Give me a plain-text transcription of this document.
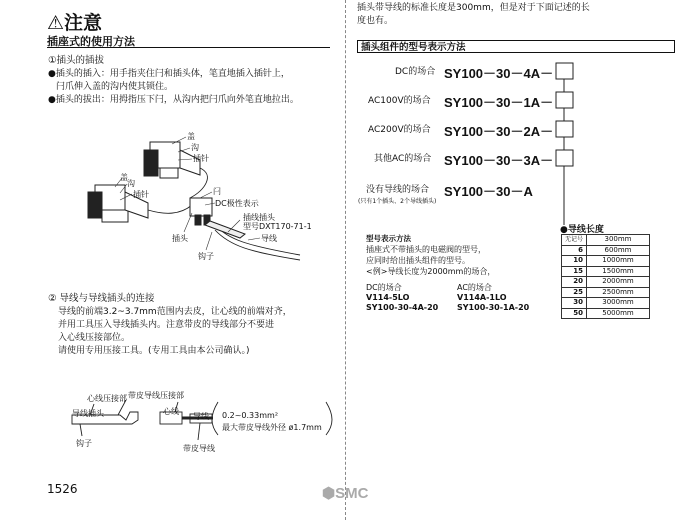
⚠注意
插座式的使用方法
①插头的插拔
●插头的插入：用手指夹住闩和插头体，笔直地插入插针上，
闩爪伸入盖的沟内使其锁住。
●插头的拔出：用拇指压下闩，从沟内把闩爪向外笔直地拉出。
盖
沟
插针
盖
沟
插针	闩
DC极性表示
插线插头
型号DXT170-71-1
插头	导线
钩子
② 导线与导线插头的连接
导线的前端3.2~3.7mm范围内去皮，让心线的前端对齐，
并用工具压入导线插头内。注意带皮的导线部分不要进
入心线压接部位。
请使用专用压接工具。(专用工具由本公司确认。)
心线压接部 带皮导线压接部
导线插头
钩子
心线
导线
带皮导线
0.2~0.33mm²
最大带皮导线外径 ø1.7mm
1526
插头带导线的标准长度是300mm，但是对于下面记述的长
度也有。
插头组件的型号表示方法
DC的场合 SY100－30－4A－
AC100V的场合 SY100－30－1A－
AC200V的场合 SY100－30－2A－
其他AC的场合 SY100－30－3A－
没有导线的场合 SY100－30－A
(只有1个插头、2个导线插头)
●导线长度
无记号	300mm
6	600mm
10	1000mm
15	1500mm
20	2000mm
25	2500mm
30	3000mm
50	5000mm
型号表示方法
插座式不带插头的电磁阀的型号，
应同时给出插头组件的型号。
<例>导线长度为2000mm的场合，
DC的场合	AC的场合
V114-5LO	V114A-1LO
SY100-30-4A-20 SY100-30-1A-20
⬢SMC
